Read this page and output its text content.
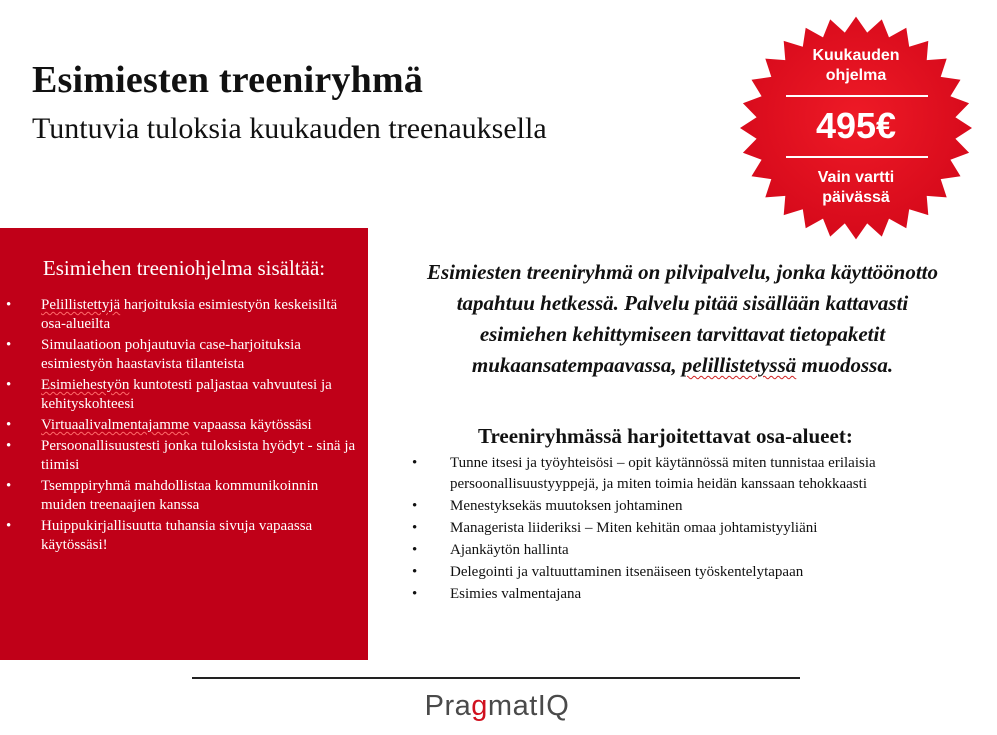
Esimiesten treeniryhmä
Tuntuvia tuloksia kuukauden treenauksella
Kuukauden
ohjelma
495€
Vain vartti
päivässä
Esimiehen treeniohjelma sisältää:
• Pelillistettyjä harjoituksia esimiestyön keskeisiltä osa-alueilta
• Simulaatioon pohjautuvia case-harjoituksia esimiestyön haastavista tilanteista
• Esimiehestyön kuntotesti paljastaa vahvuutesi ja kehityskohteesi
• Virtuaalivalmentajamme vapaassa käytössäsi
• Persoonallisuustesti jonka tuloksista hyödyt - sinä ja tiimisi
• Tsemppiryhmä mahdollistaa kommunikoinnin muiden treenaajien kanssa
• Huippukirjallisuutta tuhansia sivuja vapaassa käytössäsi!

Esimiesten treeniryhmä on pilvipalvelu, jonka käyttöönotto tapahtuu hetkessä. Palvelu pitää sisällään kattavasti esimiehen kehittymiseen tarvittavat tietopaketit mukaansatempaavassa, pelillistetyssä muodossa.

Treeniryhmässä harjoitettavat osa-alueet:
• Tunne itsesi ja työyhteisösi – opit käytännössä miten tunnistaa erilaisia persoonallisuustyyppejä, ja miten toimia heidän kanssaan tehokkaasti
• Menestyksekäs muutoksen johtaminen
• Managerista liideriksi – Miten kehitän omaa johtamistyyliäni
• Ajankäytön hallinta
• Delegointi ja valtuuttaminen itsenäiseen työskentelytapaan
• Esimies valmentajana
PragmatIQ
